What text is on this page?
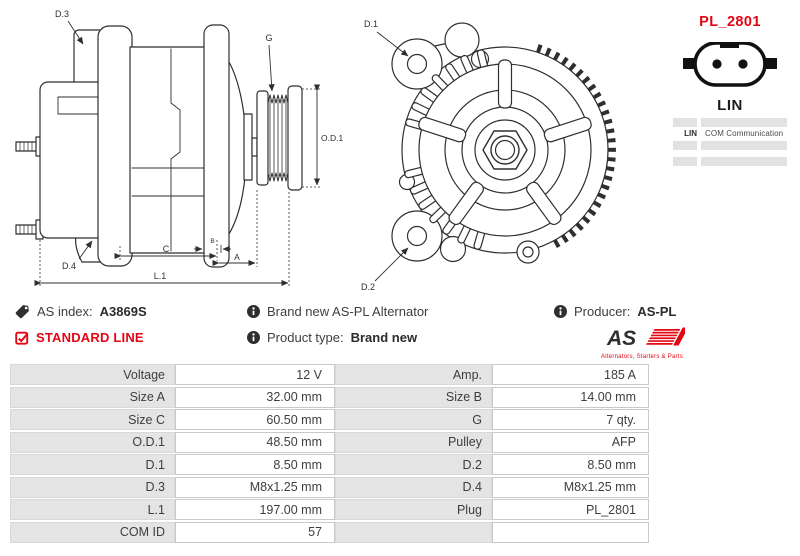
D.3
G
O.D.1
D.4
C
B
A
L.1
D.1
D.2
PL_2801
LIN
LIN	COM Communication
AS index: A3869S
STANDARD LINE
Brand new AS-PL Alternator
Product type: Brand new
Producer: AS-PL
AS
Alternators, Starters & Parts
Voltage	12 V	Amp.	185 A
Size A	32.00 mm	Size B	14.00 mm
Size C	60.50 mm	G	7 qty.
O.D.1	48.50 mm	Pulley	AFP
D.1	8.50 mm	D.2	8.50 mm
D.3	M8x1.25 mm	D.4	M8x1.25 mm
L.1	197.00 mm	Plug	PL_2801
COM ID	57
